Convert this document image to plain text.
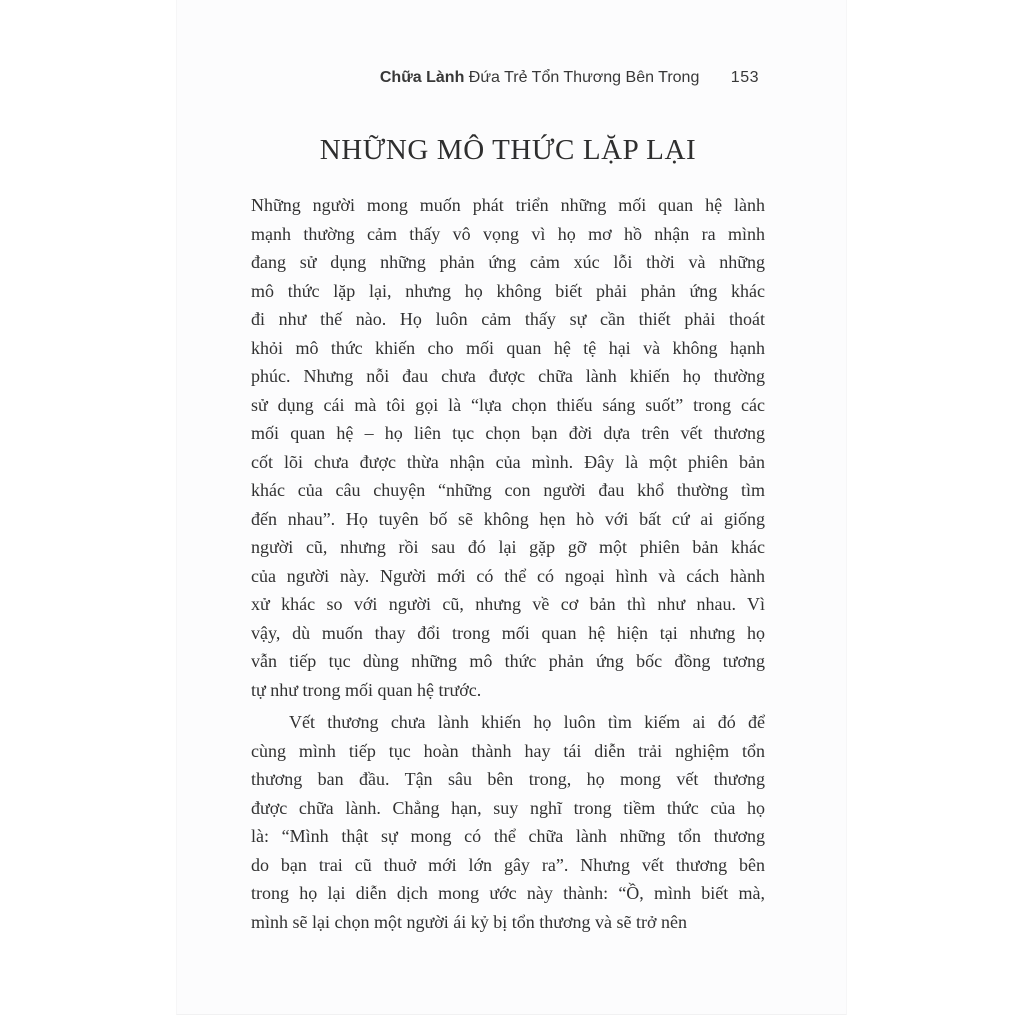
Chữa Lành Đứa Trẻ Tổn Thương Bên Trong 153
NHỮNG MÔ THỨC LẶP LẠI
Những người mong muốn phát triển những mối quan hệ lành
mạnh thường cảm thấy vô vọng vì họ mơ hồ nhận ra mình
đang sử dụng những phản ứng cảm xúc lỗi thời và những
mô thức lặp lại, nhưng họ không biết phải phản ứng khác
đi như thế nào. Họ luôn cảm thấy sự cần thiết phải thoát
khỏi mô thức khiến cho mối quan hệ tệ hại và không hạnh
phúc. Nhưng nỗi đau chưa được chữa lành khiến họ thường
sử dụng cái mà tôi gọi là “lựa chọn thiếu sáng suốt” trong các
mối quan hệ – họ liên tục chọn bạn đời dựa trên vết thương
cốt lõi chưa được thừa nhận của mình. Đây là một phiên bản
khác của câu chuyện “những con người đau khổ thường tìm
đến nhau”. Họ tuyên bố sẽ không hẹn hò với bất cứ ai giống
người cũ, nhưng rồi sau đó lại gặp gỡ một phiên bản khác
của người này. Người mới có thể có ngoại hình và cách hành
xử khác so với người cũ, nhưng về cơ bản thì như nhau. Vì
vậy, dù muốn thay đổi trong mối quan hệ hiện tại nhưng họ
vẫn tiếp tục dùng những mô thức phản ứng bốc đồng tương
tự như trong mối quan hệ trước.
Vết thương chưa lành khiến họ luôn tìm kiếm ai đó để
cùng mình tiếp tục hoàn thành hay tái diễn trải nghiệm tổn
thương ban đầu. Tận sâu bên trong, họ mong vết thương
được chữa lành. Chẳng hạn, suy nghĩ trong tiềm thức của họ
là: “Mình thật sự mong có thể chữa lành những tổn thương
do bạn trai cũ thuở mới lớn gây ra”. Nhưng vết thương bên
trong họ lại diễn dịch mong ước này thành: “Ồ, mình biết mà,
mình sẽ lại chọn một người ái kỷ bị tổn thương và sẽ trở nên
